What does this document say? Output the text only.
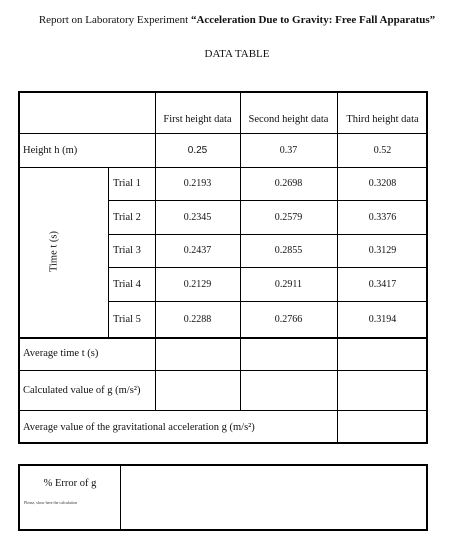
Report on Laboratory Experiment “Acceleration Due to Gravity: Free Fall Apparatus”
DATA TABLE
First height data	Second height data	Third height data
Height h (m)	0.25	0.37	0.52
Time t (s)
Trial 1	0.2193	0.2698	0.3208
Trial 2	0.2345	0.2579	0.3376
Trial 3	0.2437	0.2855	0.3129
Trial 4	0.2129	0.2911	0.3417
Trial 5	0.2288	0.2766	0.3194
Average time t (s)
Calculated value of g (m/s²)
Average value of the gravitational acceleration g (m/s²)
% Error of g
Please, show here the calculation
